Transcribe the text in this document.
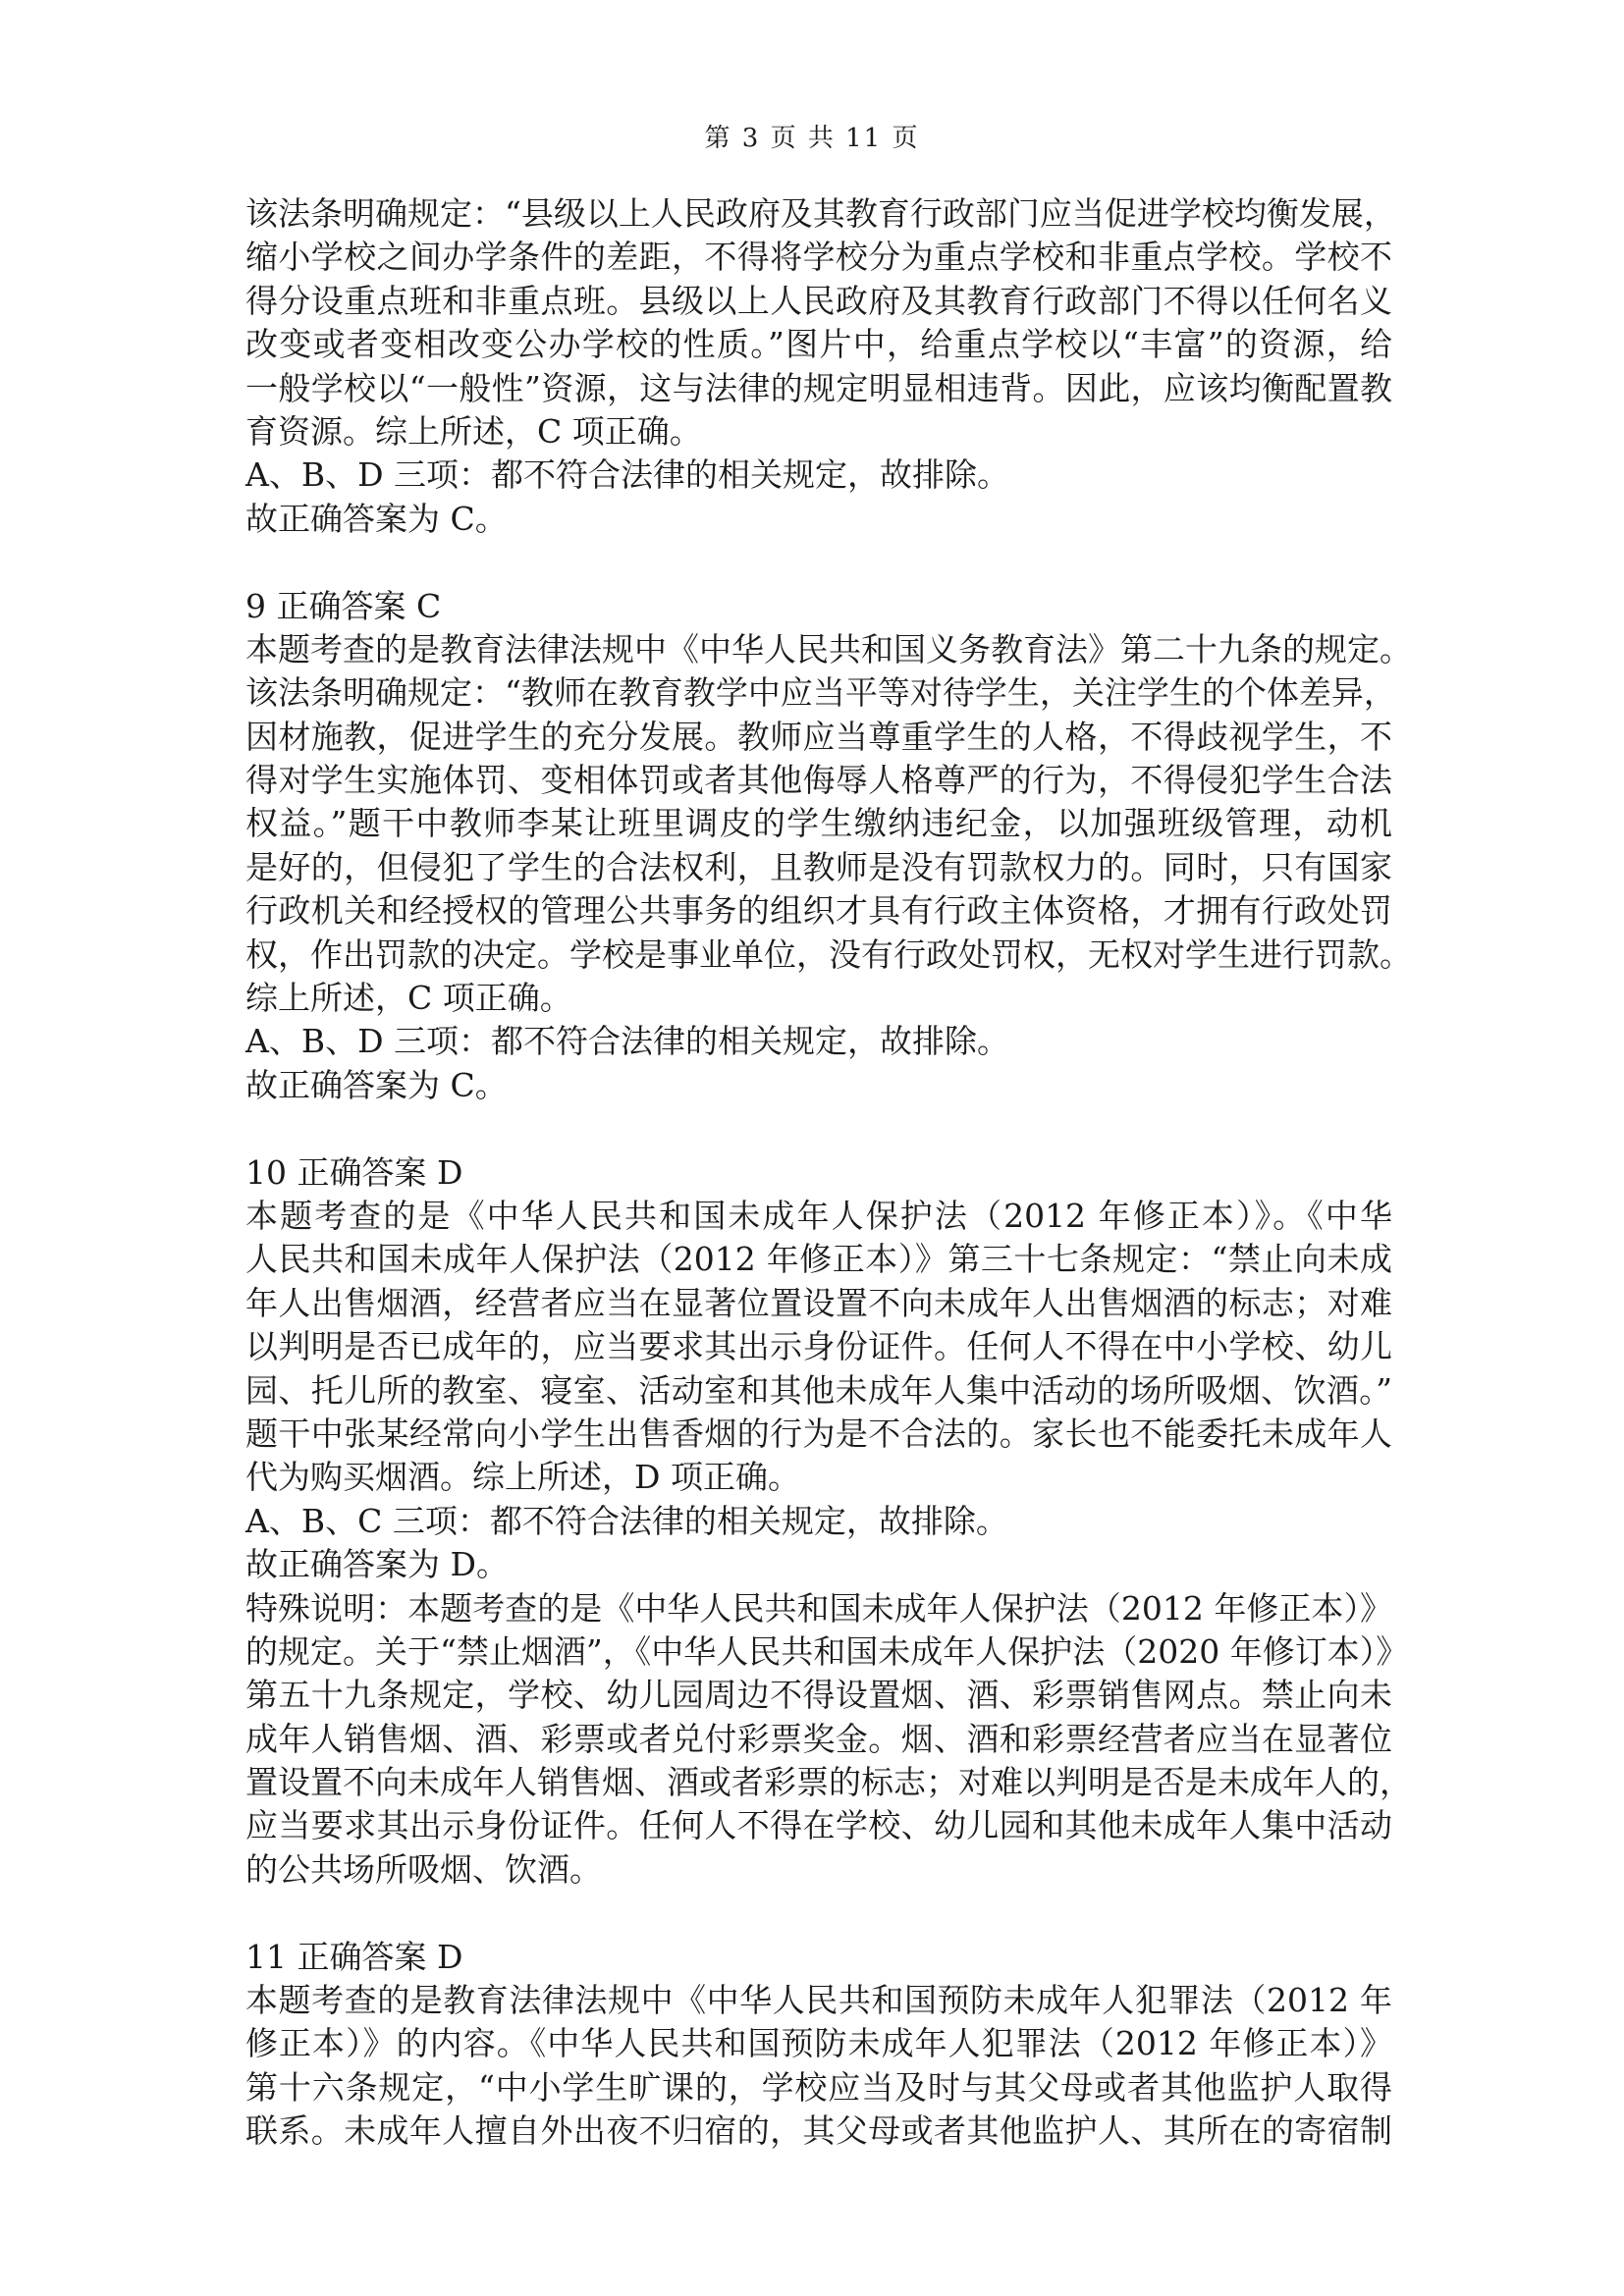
第 3 页 共 11 页
该法条明确规定：“县级以上人民政府及其教育行政部门应当促进学校均衡发展，
缩小学校之间办学条件的差距，不得将学校分为重点学校和非重点学校。学校不
得分设重点班和非重点班。县级以上人民政府及其教育行政部门不得以任何名义
改变或者变相改变公办学校的性质。”图片中，给重点学校以“丰富”的资源，给
一般学校以“一般性”资源，这与法律的规定明显相违背。因此，应该均衡配置教
育资源。综上所述，C 项正确。
A、B、D 三项：都不符合法律的相关规定，故排除。
故正确答案为 C。
9 正确答案 C
本题考查的是教育法律法规中《中华人民共和国义务教育法》第二十九条的规定。
该法条明确规定：“教师在教育教学中应当平等对待学生，关注学生的个体差异，
因材施教，促进学生的充分发展。教师应当尊重学生的人格，不得歧视学生，不
得对学生实施体罚、变相体罚或者其他侮辱人格尊严的行为，不得侵犯学生合法
权益。”题干中教师李某让班里调皮的学生缴纳违纪金，以加强班级管理，动机
是好的，但侵犯了学生的合法权利，且教师是没有罚款权力的。同时，只有国家
行政机关和经授权的管理公共事务的组织才具有行政主体资格，才拥有行政处罚
权，作出罚款的决定。学校是事业单位，没有行政处罚权，无权对学生进行罚款。
综上所述，C 项正确。
A、B、D 三项：都不符合法律的相关规定，故排除。
故正确答案为 C。
10 正确答案 D
本题考查的是《中华人民共和国未成年人保护法（2012 年修正本）》。《中华
人民共和国未成年人保护法（2012 年修正本）》第三十七条规定：“禁止向未成
年人出售烟酒，经营者应当在显著位置设置不向未成年人出售烟酒的标志；对难
以判明是否已成年的，应当要求其出示身份证件。任何人不得在中小学校、幼儿
园、托儿所的教室、寝室、活动室和其他未成年人集中活动的场所吸烟、饮酒。”
题干中张某经常向小学生出售香烟的行为是不合法的。家长也不能委托未成年人
代为购买烟酒。综上所述，D 项正确。
A、B、C 三项：都不符合法律的相关规定，故排除。
故正确答案为 D。
特殊说明：本题考查的是《中华人民共和国未成年人保护法（2012 年修正本）》
的规定。关于“禁止烟酒”，《中华人民共和国未成年人保护法（2020 年修订本）》
第五十九条规定，学校、幼儿园周边不得设置烟、酒、彩票销售网点。禁止向未
成年人销售烟、酒、彩票或者兑付彩票奖金。烟、酒和彩票经营者应当在显著位
置设置不向未成年人销售烟、酒或者彩票的标志；对难以判明是否是未成年人的，
应当要求其出示身份证件。任何人不得在学校、幼儿园和其他未成年人集中活动
的公共场所吸烟、饮酒。
11 正确答案 D
本题考查的是教育法律法规中《中华人民共和国预防未成年人犯罪法（2012 年
修正本）》的内容。《中华人民共和国预防未成年人犯罪法（2012 年修正本）》
第十六条规定，“中小学生旷课的，学校应当及时与其父母或者其他监护人取得
联系。未成年人擅自外出夜不归宿的，其父母或者其他监护人、其所在的寄宿制
